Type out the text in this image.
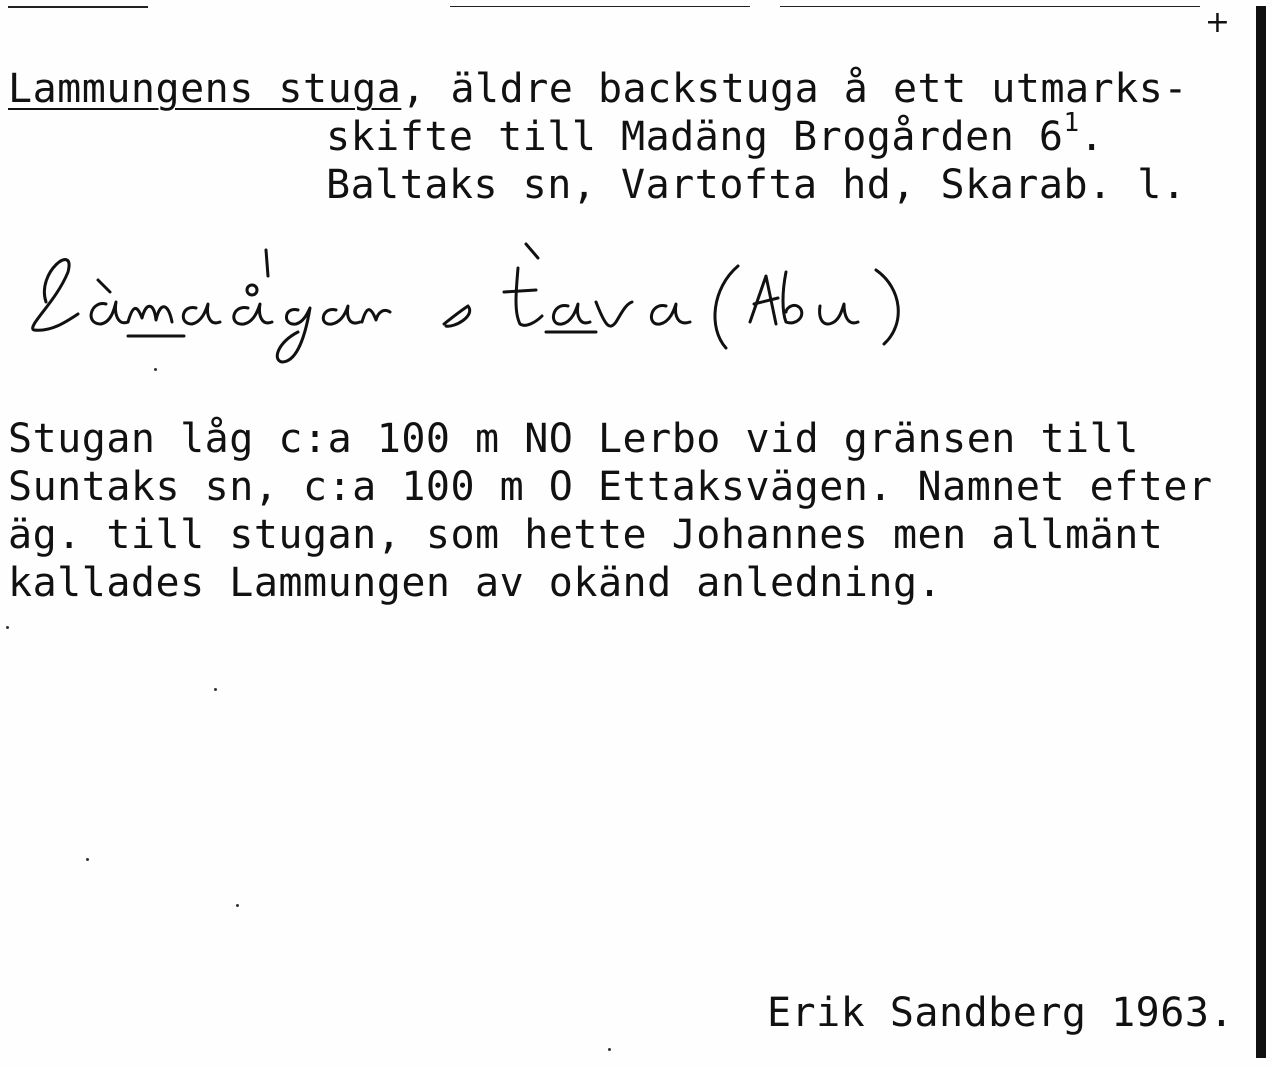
+
Lammungens stuga, äldre backstuga å ett utmarks-
skifte till Madäng Brogården $6^1$.
Baltaks sn, Vartofta hd, Skarab. l.
Stugan låg c:a 100 m NO Lerbo vid gränsen till
Suntaks sn, c:a 100 m O Ettaksvägen. Namnet efter
äg. till stugan, som hette Johannes men allmänt
kallades Lammungen av okänd anledning.
Erik Sandberg 1963.
